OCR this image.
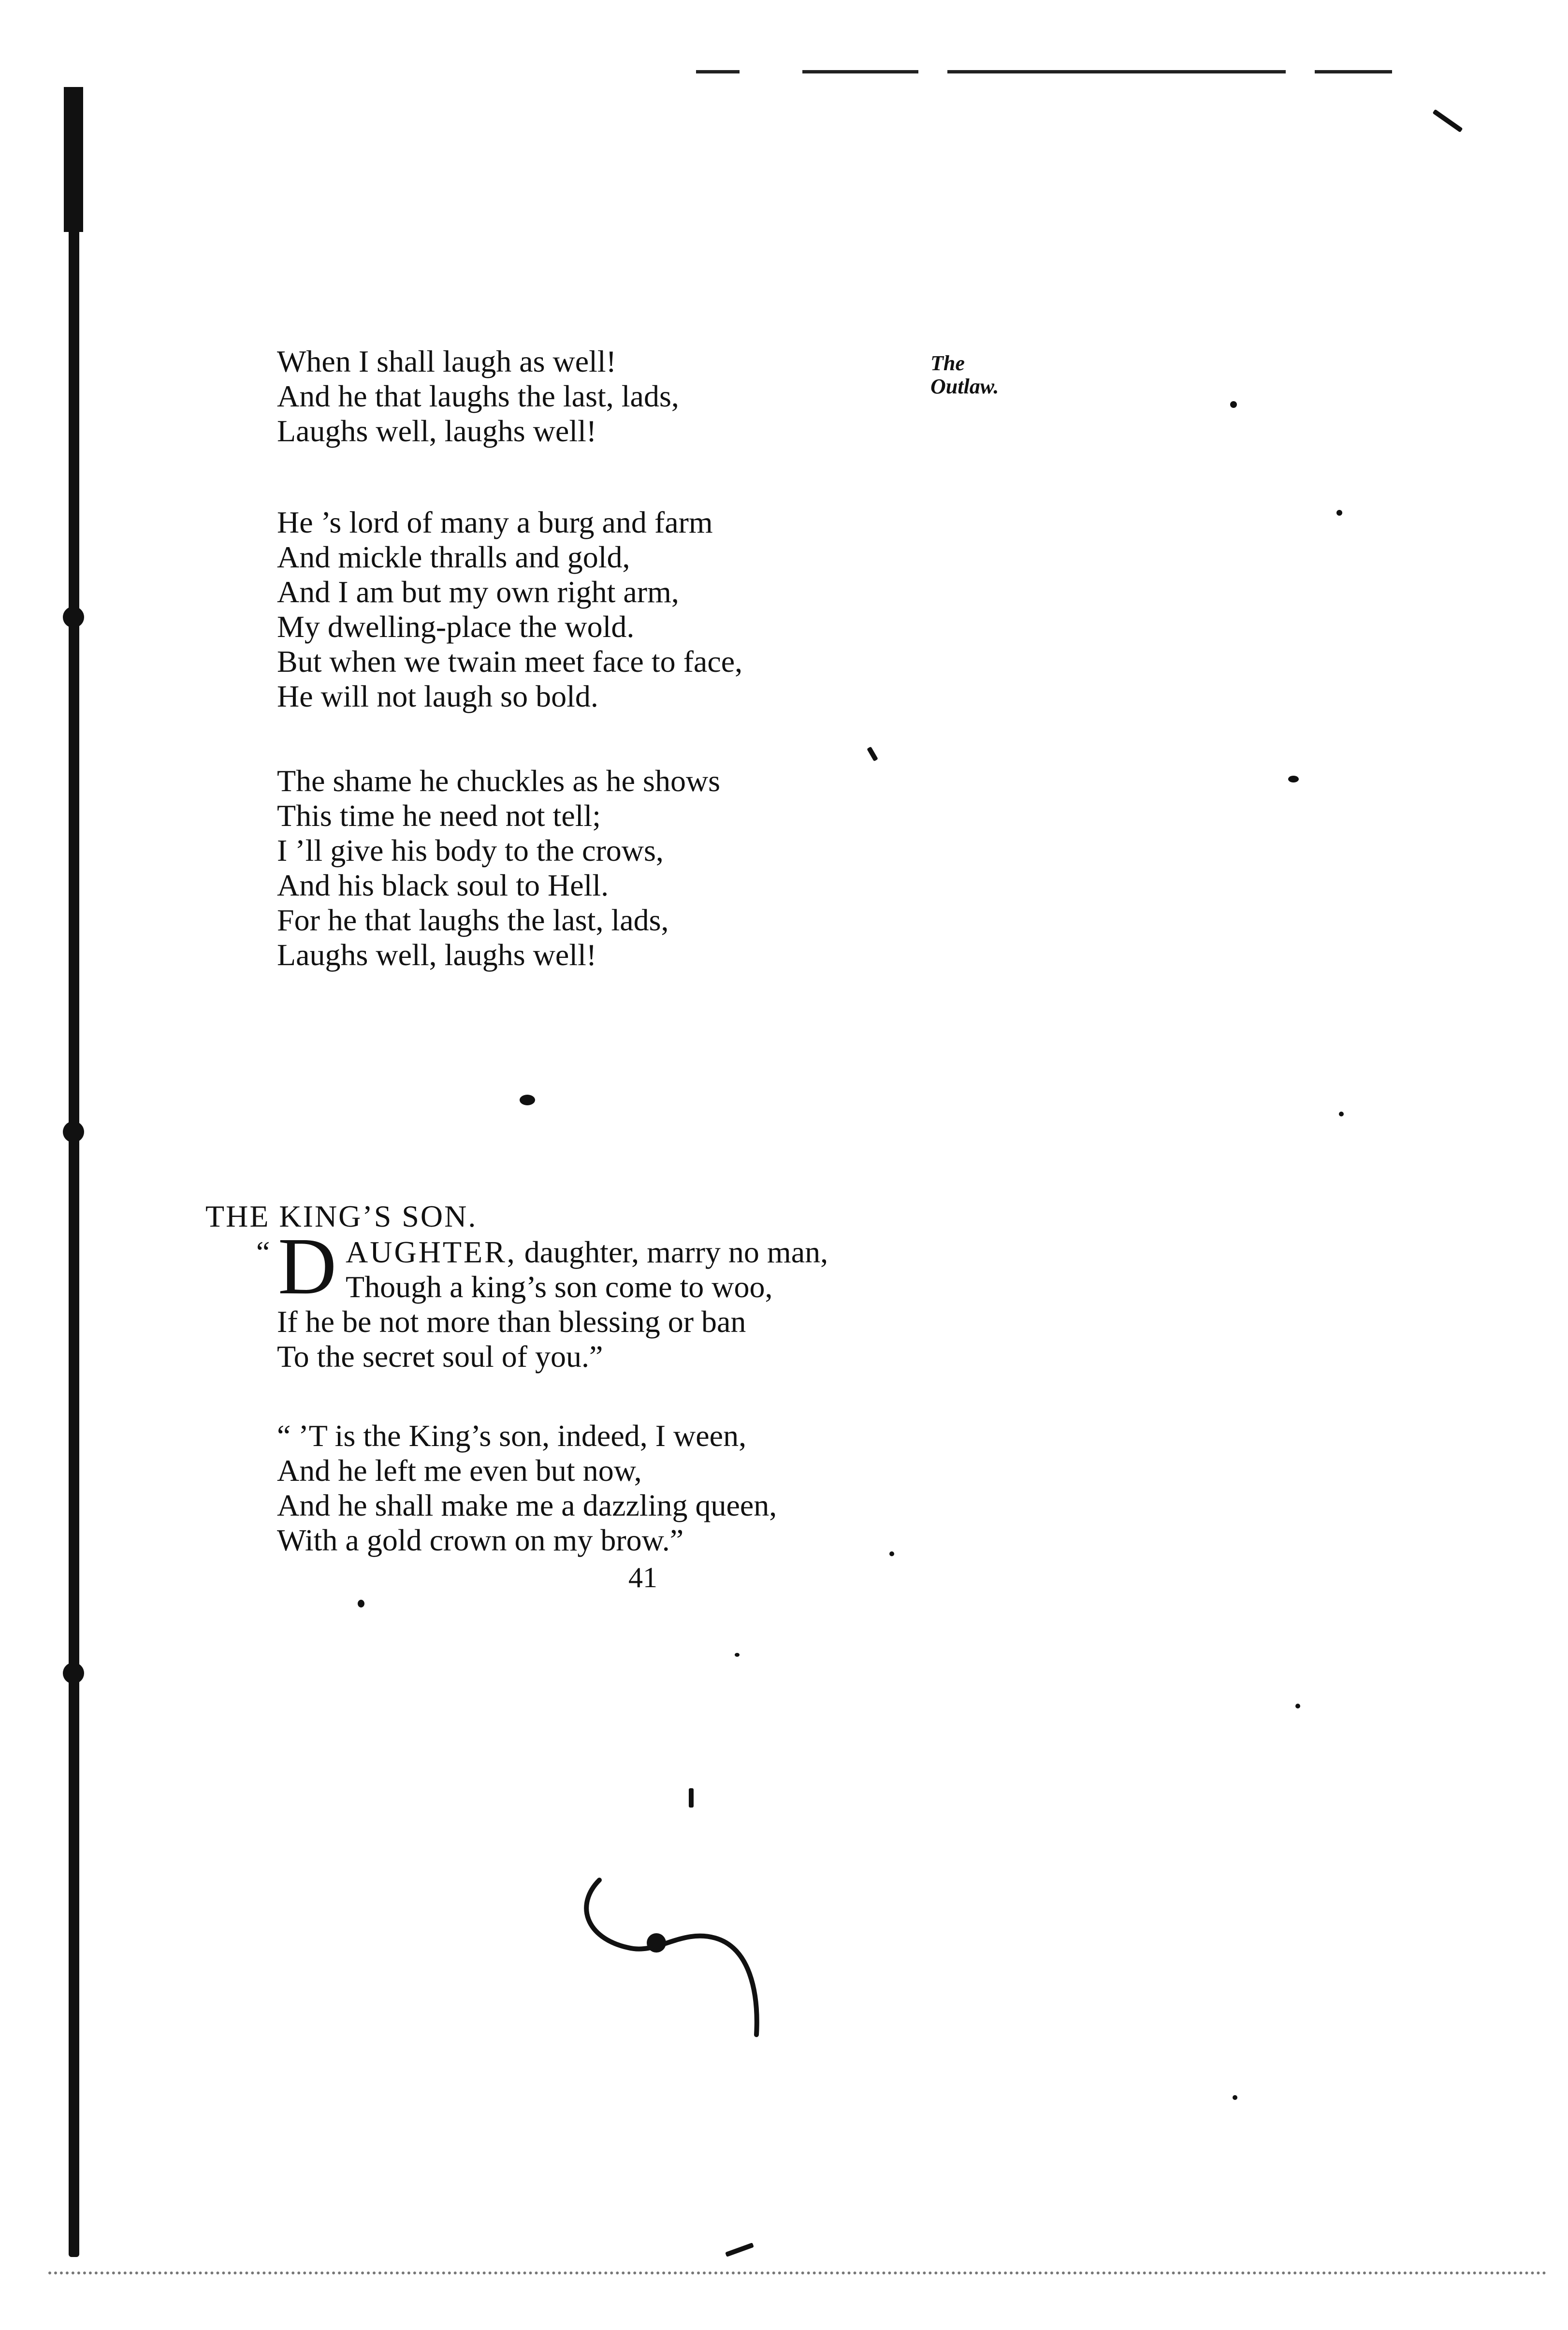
The
Outlaw.
When I shall laugh as well!
And he that laughs the last, lads,
Laughs well, laughs well!
He ’s lord of many a burg and farm
And mickle thralls and gold,
And I am but my own right arm,
My dwelling-place the wold.
But when we twain meet face to face,
He will not laugh so bold.
The shame he chuckles as he shows
This time he need not tell;
I ’ll give his body to the crows,
And his black soul to Hell.
For he that laughs the last, lads,
Laughs well, laughs well!
THE KING’S SON.
“ D AUGHTER, daughter, marry no man,
Though a king’s son come to woo,
If he be not more than blessing or ban
To the secret soul of you.”
“ ’T is the King’s son, indeed, I ween,
And he left me even but now,
And he shall make me a dazzling queen,
With a gold crown on my brow.”
41
